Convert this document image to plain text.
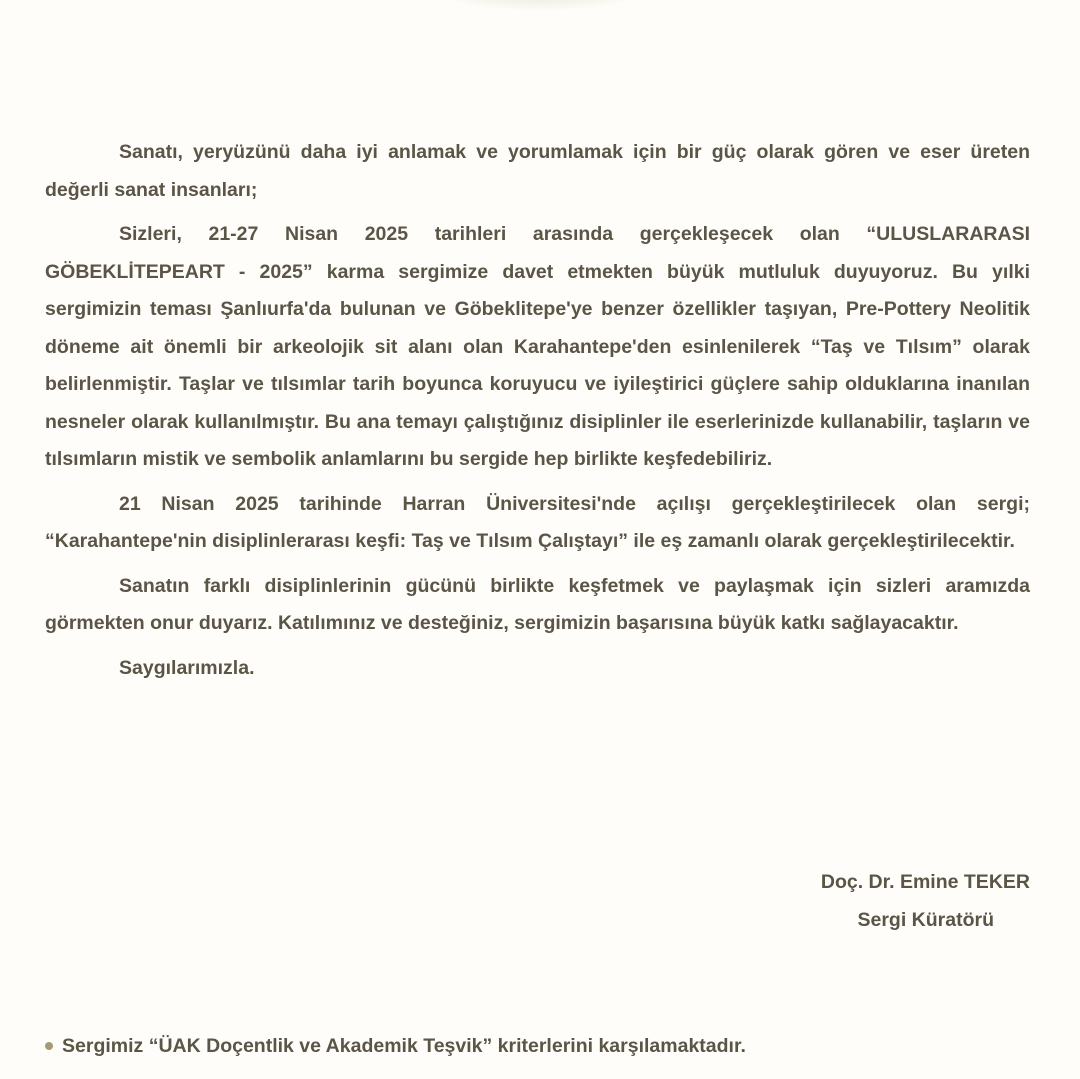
Sanatı, yeryüzünü daha iyi anlamak ve yorumlamak için bir güç olarak gören ve eser üreten değerli sanat insanları;

Sizleri, 21-27 Nisan 2025 tarihleri arasında gerçekleşecek olan “ULUSLARARASI GÖBEKLİTEPEART - 2025” karma sergimize davet etmekten büyük mutluluk duyuyoruz. Bu yılki sergimizin teması Şanlıurfa'da bulunan ve Göbeklitepe'ye benzer özellikler taşıyan, Pre-Pottery Neolitik döneme ait önemli bir arkeolojik sit alanı olan Karahantepe'den esinlenilerek “Taş ve Tılsım” olarak belirlenmiştir. Taşlar ve tılsımlar tarih boyunca koruyucu ve iyileştirici güçlere sahip olduklarına inanılan nesneler olarak kullanılmıştır. Bu ana temayı çalıştığınız disiplinler ile eserlerinizde kullanabilir, taşların ve tılsımların mistik ve sembolik anlamlarını bu sergide hep birlikte keşfedebiliriz.

21 Nisan 2025 tarihinde Harran Üniversitesi'nde açılışı gerçekleştirilecek olan sergi; “Karahantepe'nin disiplinlerarası keşfi: Taş ve Tılsım Çalıştayı” ile eş zamanlı olarak gerçekleştirilecektir.

Sanatın farklı disiplinlerinin gücünü birlikte keşfetmek ve paylaşmak için sizleri aramızda görmekten onur duyarız. Katılımınız ve desteğiniz, sergimizin başarısına büyük katkı sağlayacaktır.

Saygılarımızla.

Doç. Dr. Emine TEKER

Sergi Küratörü
Sergimiz “ÜAK Doçentlik ve Akademik Teşvik” kriterlerini karşılamaktadır.
